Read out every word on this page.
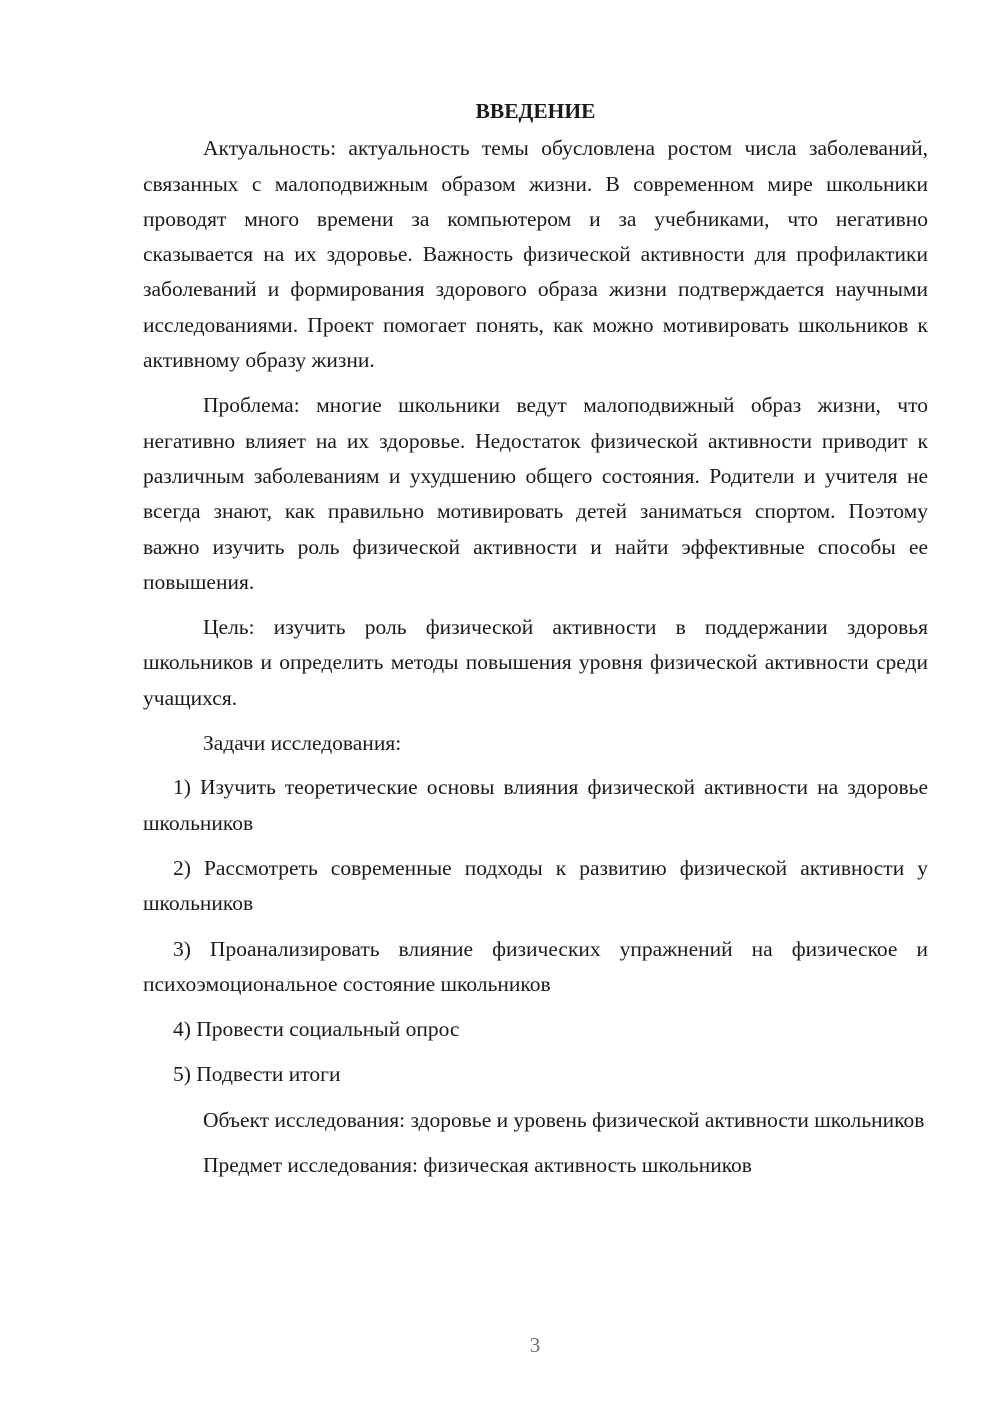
ВВЕДЕНИЕ

Актуальность: актуальность темы обусловлена ростом числа заболеваний, связанных с малоподвижным образом жизни. В современном мире школьники проводят много времени за компьютером и за учебниками, что негативно сказывается на их здоровье. Важность физической активности для профилактики заболеваний и формирования здорового образа жизни подтверждается научными исследованиями. Проект помогает понять, как можно мотивировать школьников к активному образу жизни.

Проблема: многие школьники ведут малоподвижный образ жизни, что негативно влияет на их здоровье. Недостаток физической активности приводит к различным заболеваниям и ухудшению общего состояния. Родители и учителя не всегда знают, как правильно мотивировать детей заниматься спортом. Поэтому важно изучить роль физической активности и найти эффективные способы ее повышения.

Цель: изучить роль физической активности в поддержании здоровья школьников и определить методы повышения уровня физической активности среди учащихся.

Задачи исследования:

1) Изучить теоретические основы влияния физической активности на здоровье школьников

2) Рассмотреть современные подходы к развитию физической активности у школьников

3) Проанализировать влияние физических упражнений на физическое и психоэмоциональное состояние школьников

4) Провести социальный опрос

5) Подвести итоги

Объект исследования: здоровье и уровень физической активности школьников

Предмет исследования: физическая активность школьников

3
